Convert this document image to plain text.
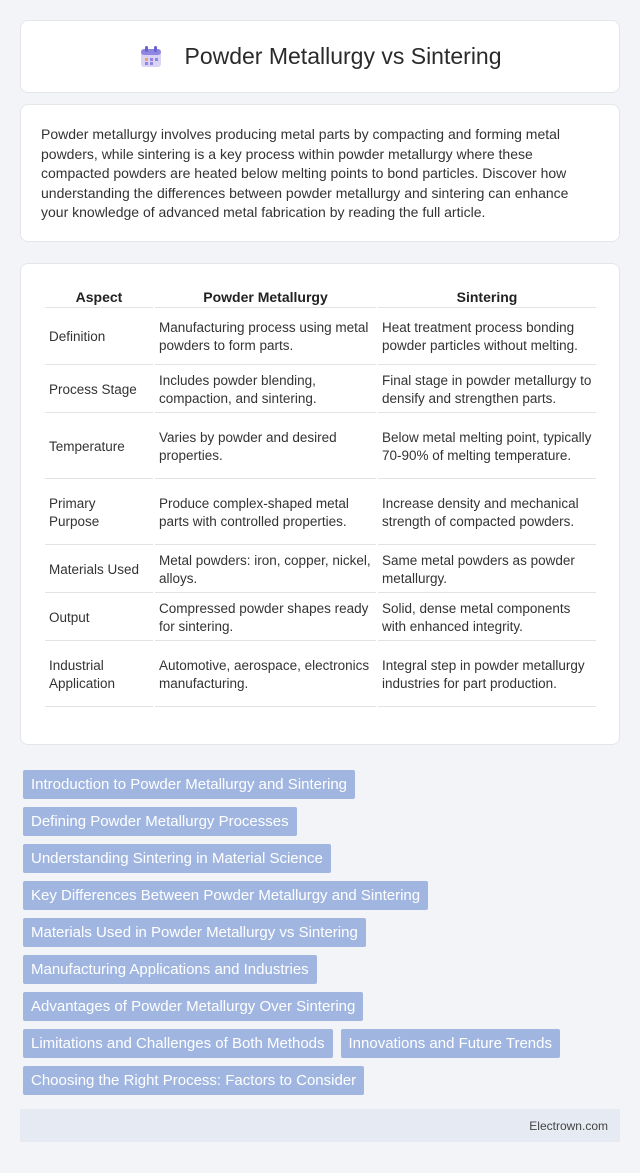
Powder Metallurgy vs Sintering

Powder metallurgy involves producing metal parts by compacting and forming metal powders, while sintering is a key process within powder metallurgy where these compacted powders are heated below melting points to bond particles. Discover how understanding the differences between powder metallurgy and sintering can enhance your knowledge of advanced metal fabrication by reading the full article.

Aspect	Powder Metallurgy	Sintering
Definition	Manufacturing process using metal powders to form parts.	Heat treatment process bonding powder particles without melting.
Process Stage	Includes powder blending, compaction, and sintering.	Final stage in powder metallurgy to densify and strengthen parts.
Temperature	Varies by powder and desired properties.	Below metal melting point, typically 70-90% of melting temperature.
Primary Purpose	Produce complex-shaped metal parts with controlled properties.	Increase density and mechanical strength of compacted powders.
Materials Used	Metal powders: iron, copper, nickel, alloys.	Same metal powders as powder metallurgy.
Output	Compressed powder shapes ready for sintering.	Solid, dense metal components with enhanced integrity.
Industrial Application	Automotive, aerospace, electronics manufacturing.	Integral step in powder metallurgy industries for part production.
Introduction to Powder Metallurgy and Sintering
Defining Powder Metallurgy Processes
Understanding Sintering in Material Science
Key Differences Between Powder Metallurgy and Sintering
Materials Used in Powder Metallurgy vs Sintering
Manufacturing Applications and Industries
Advantages of Powder Metallurgy Over Sintering
Limitations and Challenges of Both Methods	Innovations and Future Trends
Choosing the Right Process: Factors to Consider
Electrown.com
